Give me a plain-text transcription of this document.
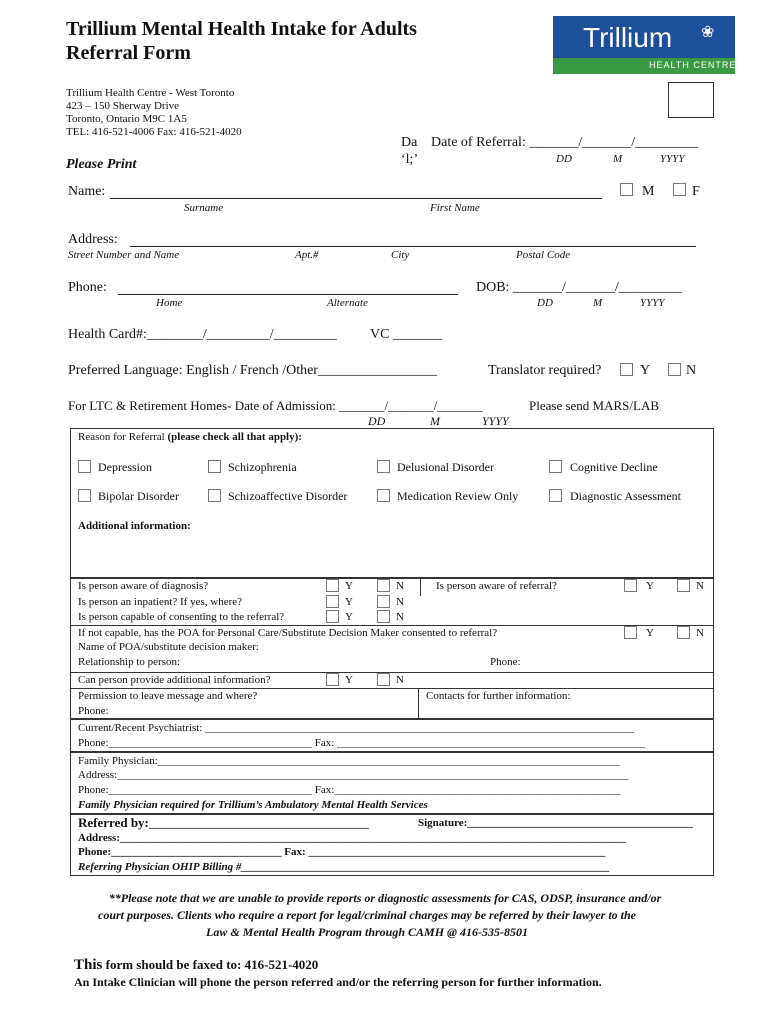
Trillium Mental Health Intake for Adults
Referral Form	Trillium ❀
HEALTH CENTRE
Trillium Health Centre - West Toronto
423 – 150 Sherway Drive
Toronto, Ontario M9C 1A5
TEL: 416-521-4006 Fax: 416-521-4020
Da
‘l;’
Date of Referral: _______/_______/_________
DD	M	YYYY
Please Print
Name:
Surname	First Name
M	F
Address:
Street Number and Name	Apt.#	City	Postal Code
Phone:
Home	Alternate
DOB: _______/_______/_________
DD	M	YYYY
Health Card#:________/_________/_________ VC _______
Preferred Language: English / French /Other_________________	Translator required?	Y	N
For LTC & Retirement Homes- Date of Admission: _______/_______/_______	Please send MARS/LAB
DD	M	YYYY
Reason for Referral (please check all that apply):
Depression	Schizophrenia	Delusional Disorder	Cognitive Decline
Bipolar Disorder	Schizoaffective Disorder	Medication Review Only	Diagnostic Assessment
Additional information:
Is person aware of diagnosis?	Y	N	Is person aware of referral?	Y	N
Is person an inpatient? If yes, where?	Y	N
Is person capable of consenting to the referral?	Y	N
If not capable, has the POA for Personal Care/Substitute Decision Maker consented to referral?	Y	N
Name of POA/substitute decision maker:
Relationship to person:	Phone:
Can person provide additional information?	Y	N
Permission to leave message and where?
Phone:
Contacts for further information:
Current/Recent Psychiatrist: ______________________________________________________________________________
Phone:_____________________________________ Fax: ________________________________________________________
Family Physician:____________________________________________________________________________________
Address:_____________________________________________________________________________________________
Phone:_____________________________________ Fax:____________________________________________________
Family Physician required for Trillium’s Ambulatory Mental Health Services
Referred by:________________________________________	Signature:_________________________________________
Address:____________________________________________________________________________________________
Phone:_______________________________ Fax: ______________________________________________________
Referring Physician OHIP Billing #___________________________________________________________________
**Please note that we are unable to provide reports or diagnostic assessments for CAS, ODSP, insurance and/or
court purposes. Clients who require a report for legal/criminal charges may be referred by their lawyer to the
Law & Mental Health Program through CAMH @ 416-535-8501
This form should be faxed to: 416-521-4020
An Intake Clinician will phone the person referred and/or the referring person for further information.
